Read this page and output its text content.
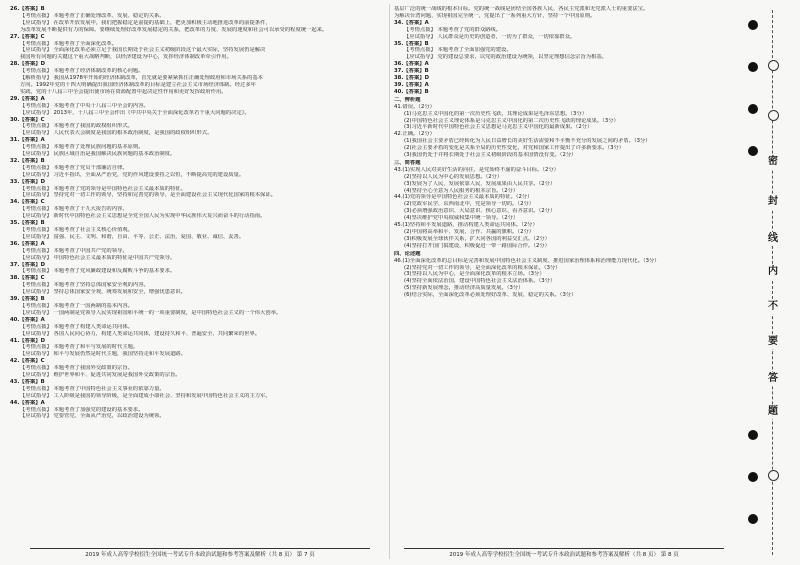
26.【答案】B
【考情点拨】 本题考查了正确处理改革、发展、稳定的关系。
【应试指导】 在改革开放发展中，我们把握稳定是前提的基础上，把更加积极主动地推进改革的前提条件，
为改革发展不断提供有力的保障。要继续处理好改革发展稳定的关系，把改革的力度、发展的速度和社会可以承受的程度统一起来。
27.【答案】C
【考情点拨】 本题考查了全面深化改革。
【应试指导】 全面深化改革必须立足于我国长期处于社会主义初级阶段这个最大实际，坚持发展仍是解决
我国所有问题的关键这个重大战略判断，以经济建设为中心，发挥经济体制改革牵引作用。
28.【答案】D
【考情点拨】 本题考查了经济体制改革的核心问题。
【解析指导】 我国从1978年开始的经济体制改革，首先就是要紧紧抓住正确处理政府和市场关系的基本
方向。1992年党的十四大明确提出我国经济体制改革的目标是建立社会主义市场经济体制。经过多年
实践，党的十八届三中全会提出使市场在资源配置中起决定性作用和更好发挥政府作用。
29.【答案】A
【考情点拨】 本题考查了中央十八届三中全会的内容。
【应试指导】 2013年，十八届三中全会作出《中共中央关于全面深化改革若干重大问题的决定》。
30.【答案】C
【考情点拨】 本题考查了我国的政权组织形式。
【应试指导】 人民代表大会制度是我国的根本政治制度，是我国的政权组织形式。
31.【答案】A
【考情点拨】 本题考查了处理民族问题的基本原则。
【应试指导】 民族区域自治是我国解决民族问题的基本政治制度。
32.【答案】B
【考情点拨】 本题考查了党员干部廉洁自律。
【应试指导】 习近平指出，全面从严治党，党的作风建设要持之以恒，不断提高党的建设质量。
33.【答案】D
【考情点拨】 本题考查了党的领导是中国特色社会主义最本质的特征。
【应试指导】 坚持党对一切工作的领导，坚持和完善党的领导，是全面建设社会主义现代化国家的根本保证。
34.【答案】C
【考情点拨】 本题考查了十九大报告的内容。
【应试指导】 新时代中国特色社会主义思想是全党全国人民为实现中华民族伟大复兴而奋斗的行动指南。
35.【答案】B
【考情点拨】 本题考查了社会主义核心价值观。
【应试指导】 富强、民主、文明、和谐，自由、平等、公正、法治，爱国、敬业、诚信、友善。
36.【答案】A
【考情点拨】 本题考查了中国共产党的领导。
【应试指导】 中国特色社会主义最本质的特征是中国共产党领导。
37.【答案】D
【考情点拨】 本题考查了党风廉政建设和反腐败斗争的基本要求。
38.【答案】C
【考情点拨】 本题考查了坚持总体国家安全观的内容。
【应试指导】 坚持总体国家安全观，统筹发展和安全，增强忧患意识。
39.【答案】B
【考情点拨】 本题考查了一国两制的基本内容。
【应试指导】 一国两制是党领导人民实现祖国和平统一的一项重要制度，是中国特色社会主义的一个伟大创举。
40.【答案】A
【考情点拨】 本题考查了构建人类命运共同体。
【应试指导】 各国人民同心协力，构建人类命运共同体，建设持久和平、普遍安全、共同繁荣的世界。
41.【答案】D
【考情点拨】 本题考查了和平与发展的时代主题。
【应试指导】 和平与发展仍然是时代主题，我国坚持走和平发展道路。
42.【答案】C
【考情点拨】 本题考查了我国外交政策的宗旨。
【应试指导】 维护世界和平、促进共同发展是我国外交政策的宗旨。
43.【答案】B
【考情点拨】 本题考查了中国特色社会主义事业的依靠力量。
【应试指导】 工人阶级是我国的领导阶级，是全面建成小康社会、坚持和发展中国特色社会主义的主力军。
44.【答案】A
【考情点拨】 本题考查了加强党的建设的基本要求。
【应试指导】 党要管党、全面从严治党，以政治建设为统领。
基层广泛的统一战线的根本目标。党的统一战线是团结全国各族人民、各民主党派和无党派人士的重要法宝。
为解决台湾问题、实现祖国完全统一，党提出了一系列重大方针，坚持一个中国原则。
34.【答案】A
【考情点拨】 本题考查了党的群众路线。
【应试指导】 人民群众是历史的创造者，一切为了群众，一切依靠群众。
35.【答案】B
【考情点拨】 本题考查了全面加强党的建设。
【应试指导】 党的建设总要求，以党的政治建设为统领，以坚定理想信念宗旨为根基。
36.【答案】A
37.【答案】B
38.【答案】D
39.【答案】A
40.【答案】B
二、辨析题
41.错误。（2分）
(1)马克思主义中国化的第一次历史性飞跃，其理论成果是毛泽东思想。（3分）
(2)中国特色社会主义理论体系是马克思主义中国化的第二次历史性飞跃的理论成果。（3分）
(3)习近平新时代中国特色社会主义思想是马克思主义中国化的最新成果。（2分）
42.正确。（2分）
(1)我国社会主要矛盾已经转化为人民日益增长的美好生活需要和不平衡不充分的发展之间的矛盾。（3分）
(2)社会主要矛盾的变化是关系全局的历史性变化，对党和国家工作提出了许多新要求。（3分）
(3)我国仍处于并将长期处于社会主义初级阶段的基本国情没有变。（2分）
三、简答题
43.(1)实现人民对美好生活的向往，是党始终不渝的奋斗目标。（2分）
(2)坚持以人民为中心的发展思想。（2分）
(3)发展为了人民、发展依靠人民、发展成果由人民共享。（2分）
(4)坚持全心全意为人民服务的根本宗旨。（2分）
44.(1)党的领导是中国特色社会主义最本质的特征。（2分）
(2)党政军民学，东西南北中，党是领导一切的。（2分）
(3)必须增强政治意识、大局意识、核心意识、看齐意识。（2分）
(4)坚决维护党中央权威和集中统一领导。（2分）
45.(1)坚持和平发展道路，推动构建人类命运共同体。（2分）
(2)中国将高举和平、发展、合作、共赢的旗帜。（2分）
(3)积极发展全球伙伴关系，扩大同各国的利益交汇点。（2分）
(4)坚持打开国门搞建设，积极促进一带一路国际合作。（2分）
四、论述题
46.(1)全面深化改革的总目标是完善和发展中国特色社会主义制度、推进国家治理体系和治理能力现代化。（3分）
(2)坚持党对一切工作的领导，是全面深化改革的根本保证。（3分）
(3)坚持以人民为中心，是全面深化改革的根本立场。（3分）
(4)坚持全面依法治国，建设中国特色社会主义法治体系。（3分）
(5)坚持新发展理念，推动经济高质量发展。（3分）
(6)结合实际，全面深化改革必须处理好改革、发展、稳定的关系。（3分）
2019 年成人高等学校招生全国统一考试专升本政治试题和参考答案及解析（共 8 页） 第 7 页	2019 年成人高等学校招生全国统一考试专升本政治试题和参考答案及解析（共 8 页） 第 8 页
密
封
线
内
不
要
答
题
